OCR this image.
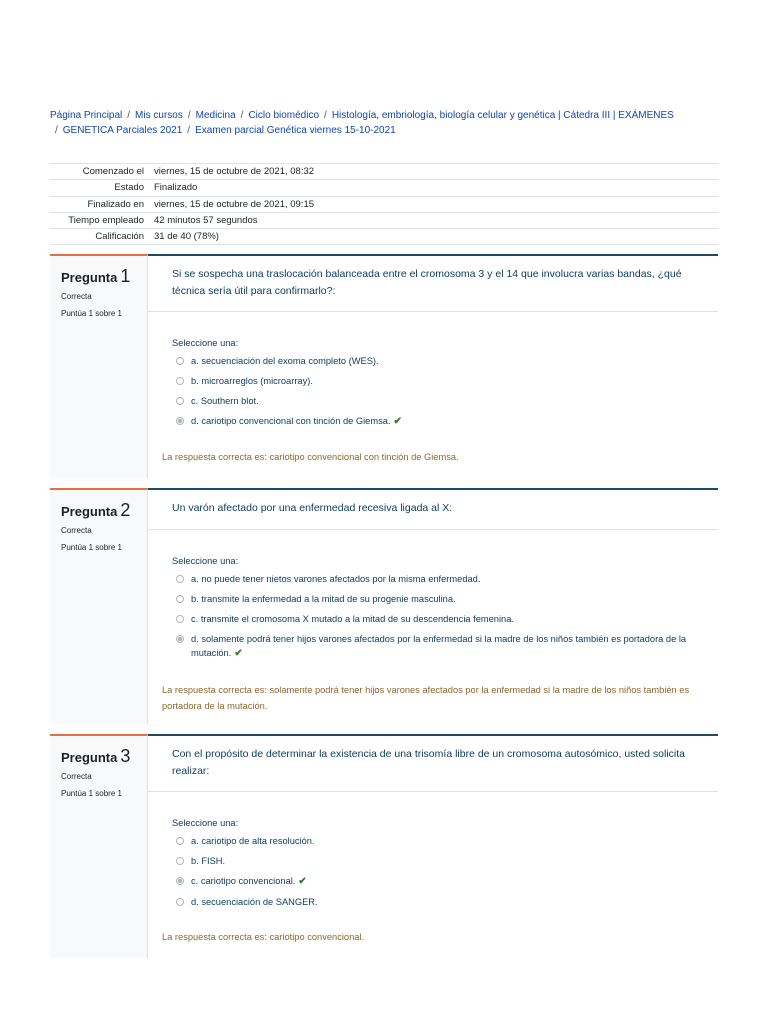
Página Principal / Mis cursos / Medicina / Ciclo biomédico / Histología, embriología, biología celular y genética | Cátedra III | EXÁMENES
/ GENETICA Parciales 2021 / Examen parcial Genética viernes 15-10-2021
Comenzado el	viernes, 15 de octubre de 2021, 08:32
Estado	Finalizado
Finalizado en	viernes, 15 de octubre de 2021, 09:15
Tiempo empleado	42 minutos 57 segundos
Calificación	31 de 40 (78%)
Pregunta 1
Correcta
Puntúa 1 sobre 1
Si se sospecha una traslocación balanceada entre el cromosoma 3 y el 14 que involucra varias bandas, ¿qué técnica sería útil para confirmarlo?:
Seleccione una:
a. secuenciación del exoma completo (WES).
b. microarreglos (microarray).
c. Southern blot.
d. cariotipo convencional con tinción de Giemsa. ✔
La respuesta correcta es: cariotipo convencional con tinción de Giemsa.
Pregunta 2
Correcta
Puntúa 1 sobre 1
Un varón afectado por una enfermedad recesiva ligada al X:
Seleccione una:
a. no puede tener nietos varones afectados por la misma enfermedad.
b. transmite la enfermedad a la mitad de su progenie masculina.
c. transmite el cromosoma X mutado a la mitad de su descendencia femenina.
d. solamente podrá tener hijos varones afectados por la enfermedad si la madre de los niños también es portadora de la mutación. ✔
La respuesta correcta es: solamente podrá tener hijos varones afectados por la enfermedad si la madre de los niños también es portadora de la mutación.
Pregunta 3
Correcta
Puntúa 1 sobre 1
Con el propósito de determinar la existencia de una trisomía libre de un cromosoma autosómico, usted solicita realizar:
Seleccione una:
a. cariotipo de alta resolución.
b. FISH.
c. cariotipo convencional. ✔
d. secuenciación de SANGER.
La respuesta correcta es: cariotipo convencional.
